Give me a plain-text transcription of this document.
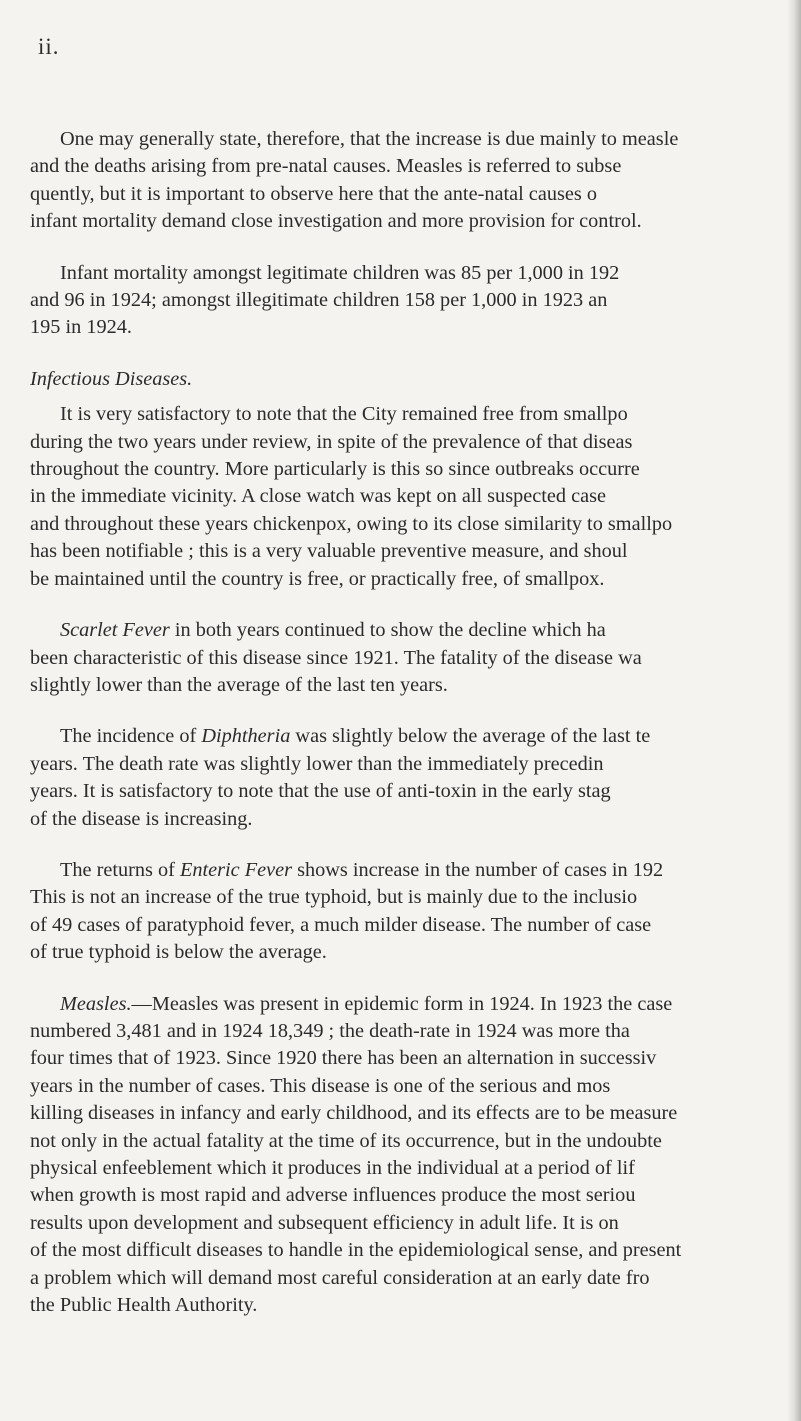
ii.

One may generally state, therefore, that the increase is due mainly to measle

and the deaths arising from pre-natal causes. Measles is referred to subse

quently, but it is important to observe here that the ante-natal causes o

infant mortality demand close investigation and more provision for control.

Infant mortality amongst legitimate children was 85 per 1,000 in 192

and 96 in 1924; amongst illegitimate children 158 per 1,000 in 1923 an

195 in 1924.

Infectious Diseases.

It is very satisfactory to note that the City remained free from smallpo

during the two years under review, in spite of the prevalence of that diseas

throughout the country. More particularly is this so since outbreaks occurre

in the immediate vicinity. A close watch was kept on all suspected case

and throughout these years chickenpox, owing to its close similarity to smallpo

has been notifiable ; this is a very valuable preventive measure, and shoul

be maintained until the country is free, or practically free, of smallpox.

Scarlet Fever in both years continued to show the decline which ha

been characteristic of this disease since 1921. The fatality of the disease wa

slightly lower than the average of the last ten years.

The incidence of Diphtheria was slightly below the average of the last te

years. The death rate was slightly lower than the immediately precedin

years. It is satisfactory to note that the use of anti-toxin in the early stag

of the disease is increasing.

The returns of Enteric Fever shows increase in the number of cases in 192

This is not an increase of the true typhoid, but is mainly due to the inclusio

of 49 cases of paratyphoid fever, a much milder disease. The number of case

of true typhoid is below the average.

Measles.—Measles was present in epidemic form in 1924. In 1923 the case

numbered 3,481 and in 1924 18,349 ; the death-rate in 1924 was more tha

four times that of 1923. Since 1920 there has been an alternation in successiv

years in the number of cases. This disease is one of the serious and mos

killing diseases in infancy and early childhood, and its effects are to be measure

not only in the actual fatality at the time of its occurrence, but in the undoubte

physical enfeeblement which it produces in the individual at a period of lif

when growth is most rapid and adverse influences produce the most seriou

results upon development and subsequent efficiency in adult life. It is on

of the most difficult diseases to handle in the epidemiological sense, and present

a problem which will demand most careful consideration at an early date fro

the Public Health Authority.
